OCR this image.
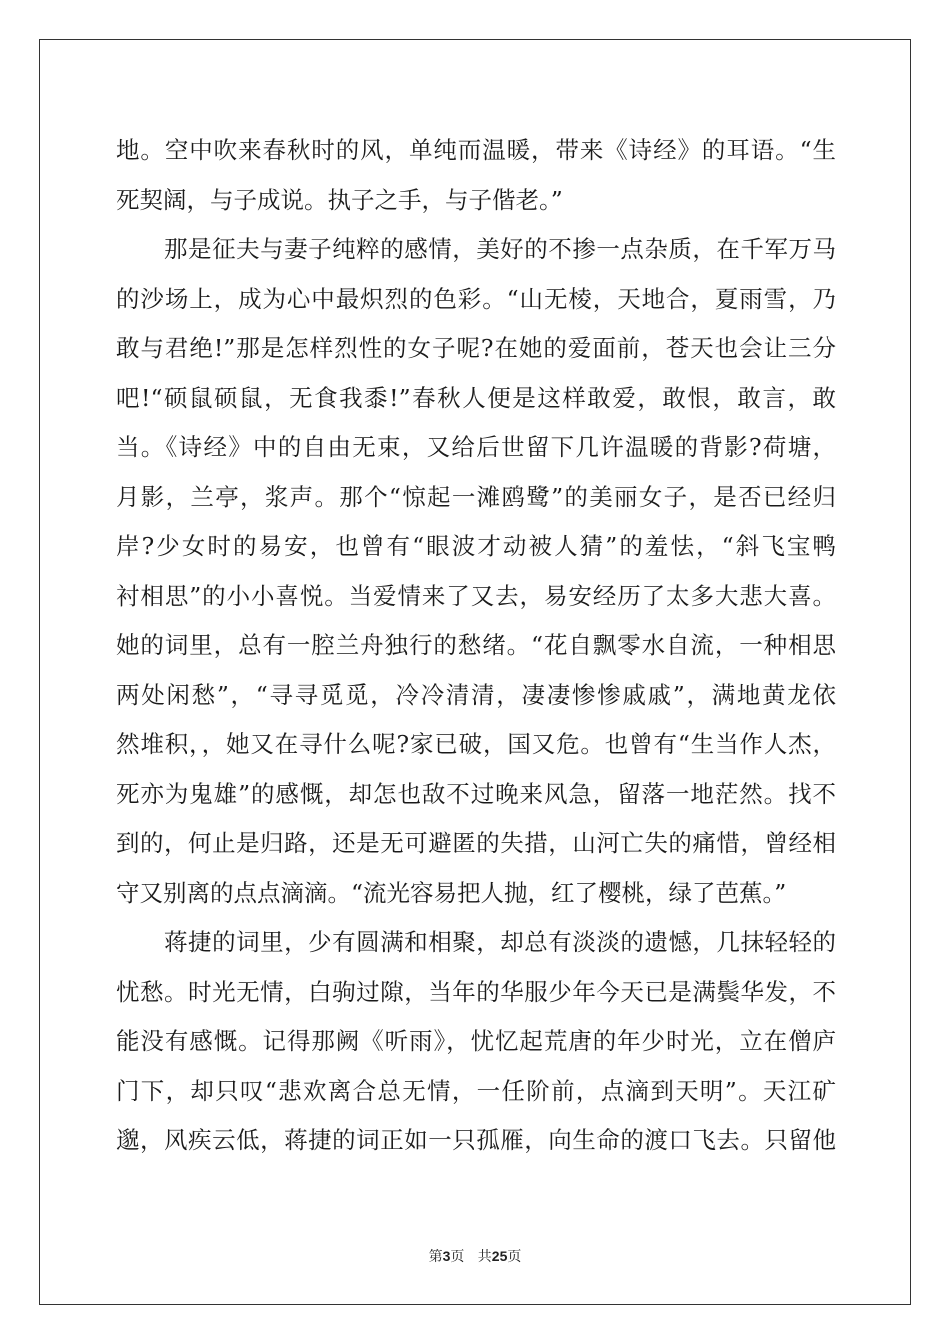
地。空中吹来春秋时的风，单纯而温暖，带来《诗经》的耳语。“生
死契阔，与子成说。执子之手，与子偕老。”

　　那是征夫与妻子纯粹的感情，美好的不掺一点杂质，在千军万马
的沙场上，成为心中最炽烈的色彩。“山无棱，天地合，夏雨雪，乃
敢与君绝!”那是怎样烈性的女子呢?在她的爱面前，苍天也会让三分
吧!“硕鼠硕鼠，无食我黍!”春秋人便是这样敢爱，敢恨，敢言，敢
当。《诗经》中的自由无束，又给后世留下几许温暖的背影?荷塘，
月影，兰亭，浆声。那个“惊起一滩鸥鹭”的美丽女子，是否已经归
岸?少女时的易安，也曾有“眼波才动被人猜”的羞怯，“斜飞宝鸭
衬相思”的小小喜悦。当爱情来了又去，易安经历了太多大悲大喜。
她的词里，总有一腔兰舟独行的愁绪。“花自飘零水自流，一种相思
两处闲愁”，“寻寻觅觅，冷冷清清，凄凄惨惨戚戚”，满地黄龙依
然堆积，，她又在寻什么呢?家已破，国又危。也曾有“生当作人杰，
死亦为鬼雄”的感慨，却怎也敌不过晚来风急，留落一地茫然。找不
到的，何止是归路，还是无可避匿的失措，山河亡失的痛惜，曾经相
守又别离的点点滴滴。“流光容易把人抛，红了樱桃，绿了芭蕉。”

　　蒋捷的词里，少有圆满和相聚，却总有淡淡的遗憾，几抹轻轻的
忧愁。时光无情，白驹过隙，当年的华服少年今天已是满鬓华发，不
能没有感慨。记得那阙《听雨》，忧忆起荒唐的年少时光，立在僧庐
门下，却只叹“悲欢离合总无情，一任阶前，点滴到天明”。天江矿
邈，风疾云低，蒋捷的词正如一只孤雁，向生命的渡口飞去。只留他

第3页 共25页
